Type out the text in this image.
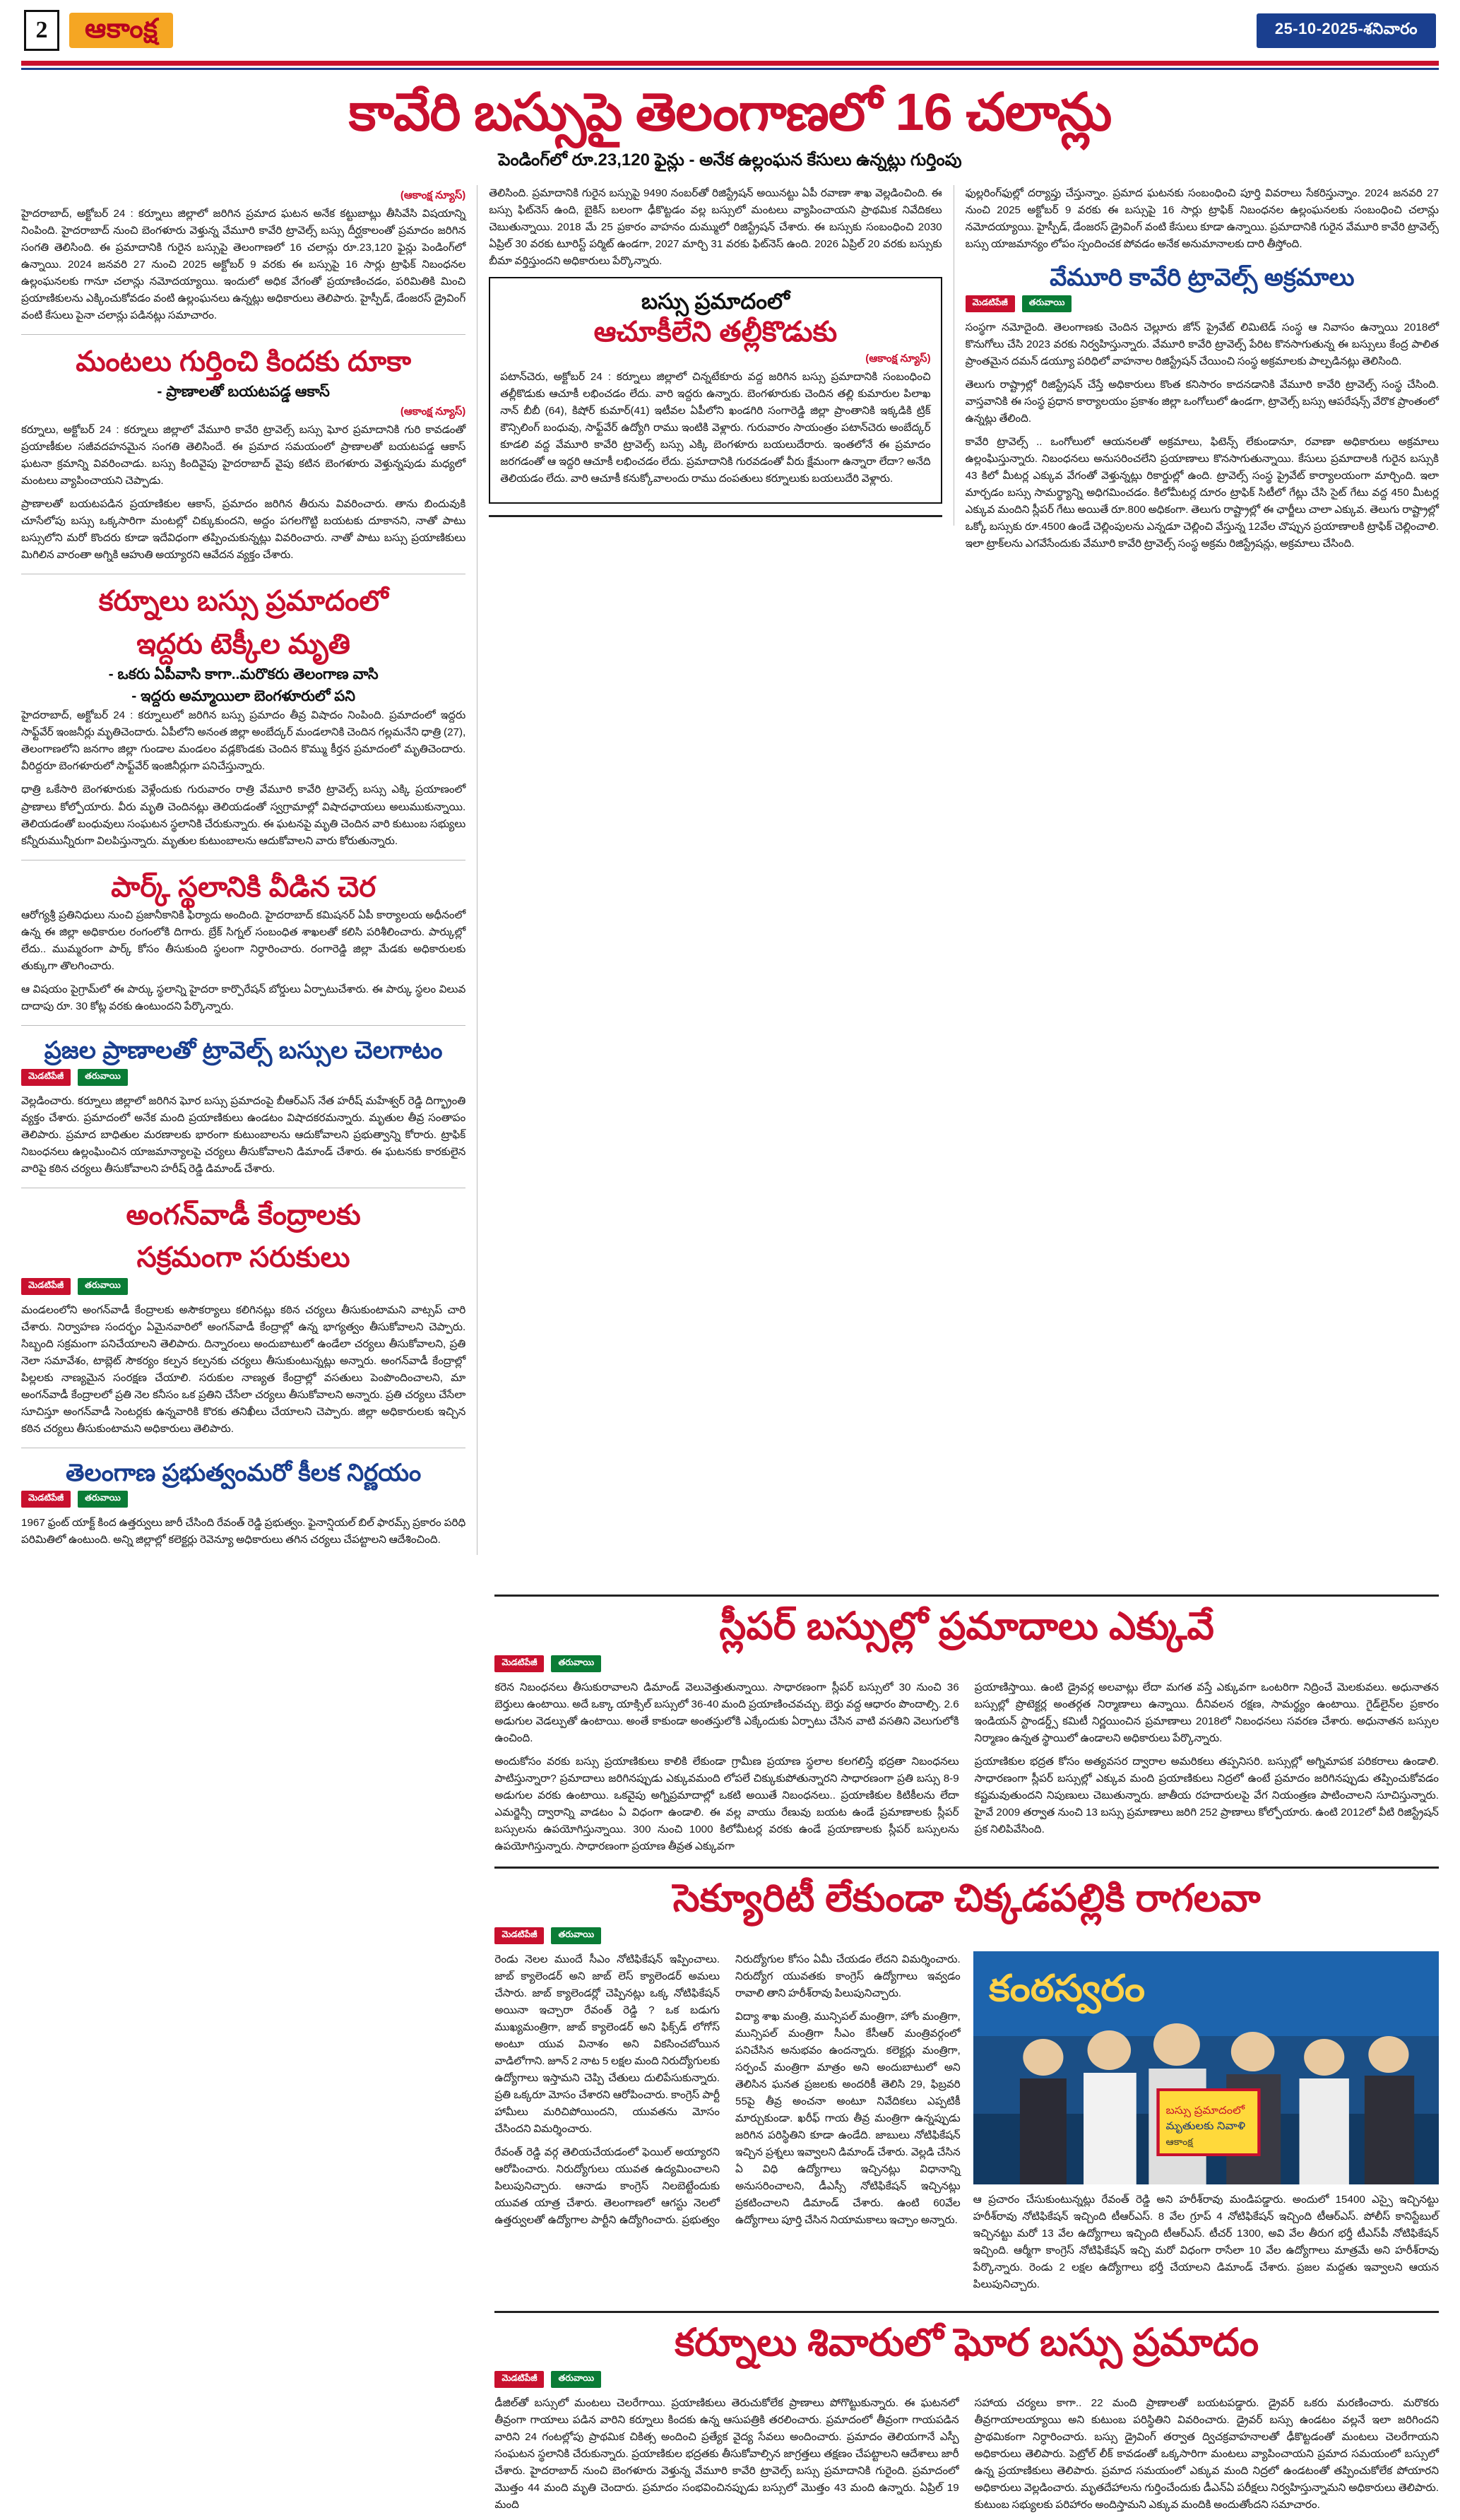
2	ఆకాంక్ష	25-10-2025-శనివారం
కావేరి బస్సుపై తెలంగాణలో 16 చలాన్లు
పెండింగ్‌లో రూ.23,120 ఫైన్లు - అనేక ఉల్లంఘన కేసులు ఉన్నట్లు గుర్తింపు
(ఆకాంక్ష న్యూస్)

హైదరాబాద్, అక్టోబర్ 24 : కర్నూలు జిల్లాలో జరిగిన ప్రమాద ఘటన అనేక కట్టుబాట్లు తీసివేసి విషయాన్ని నింపింది. హైదరాబాద్ నుంచి బెంగళూరు వెళ్తున్న వేమూరి కావేరి ట్రావెల్స్ బస్సు దీర్ఘకాలంతో ప్రమాదం జరిగిన సంగతి తెలిసింది. ఈ ప్రమాదానికి గురైన బస్సుపై తెలంగాణలో 16 చలాన్లు రూ.23,120 ఫైన్లు పెండింగ్‌లో ఉన్నాయి. 2024 జనవరి 27 నుంచి 2025 అక్టోబర్ 9 వరకు ఈ బస్సుపై 16 సార్లు ట్రాఫిక్ నిబంధనల ఉల్లంఘనలకు గానూ చలాన్లు నమోదయ్యాయి. ఇందులో అధిక వేగంతో ప్రయాణించడం, పరిమితికి మించి ప్రయాణికులను ఎక్కించుకోవడం వంటి ఉల్లంఘనలు ఉన్నట్లు అధికారులు తెలిపారు. హైస్పీడ్, డేంజరస్ డ్రైవింగ్ వంటి కేసులు పైనా చలాన్లు పడినట్లు సమాచారం.

మంటలు గుర్తించి కిందకు దూకా
- ప్రాణాలతో బయటపడ్డ ఆకాస్
(ఆకాంక్ష న్యూస్)

కర్నూలు, అక్టోబర్ 24 : కర్నూలు జిల్లాలో వేమూరి కావేరి ట్రావెల్స్ బస్సు ఘోర ప్రమాదానికి గురి కావడంతో ప్రయాణీకుల సజీవదహనమైన సంగతి తెలిసిందే. ఈ ప్రమాద సమయంలో ప్రాణాలతో బయటపడ్డ ఆకాస్ ఘటనా క్రమాన్ని వివరించాడు. బస్సు కిందివైపు హైదరాబాద్ వైపు కటిన బెంగళూరు వెళ్తున్నపుడు మధ్యలో మంటలు వ్యాపించాయని చెప్పాడు.

ప్రాణాలతో బయటపడిన ప్రయాణికుల ఆకాస్, ప్రమాదం జరిగిన తీరును వివరించారు. తాను బిందువుకి చూసేలోపు బస్సు ఒక్కసారిగా మంటల్లో చిక్కుకుందని, అద్దం పగలగొట్టి బయటకు దూకానని, నాతో పాటు బస్సులోని మరో కొందరు కూడా ఇదేవిధంగా తప్పించుకున్నట్లు వివరించారు. నాతో పాటు బస్సు ప్రయాణికులు మిగిలిన వారంతా అగ్నికి ఆహుతి అయ్యారని ఆవేదన వ్యక్తం చేశారు.

కర్నూలు బస్సు ప్రమాదంలో
ఇద్దరు టెక్కీల మృతి
- ఒకరు ఏపీవాసి కాగా..మరొకరు తెలంగాణ వాసి
- ఇద్దరు అమ్మాయిలా బెంగళూరులో పని

హైదరాబాద్, అక్టోబర్ 24 : కర్నూలులో జరిగిన బస్సు ప్రమాదం తీవ్ర విషాదం నింపింది. ప్రమాదంలో ఇద్దరు సాఫ్ట్‌వేర్ ఇంజనీర్లు మృతిచెందారు. ఏపీలోని అనంత జిల్లా అంబేద్కర్ మండలానికి చెందిన గల్లమనేని ధాత్రి (27), తెలంగాణలోని జనగాం జిల్లా గుండాల మండలం వడ్లకొండకు చెందిన కొమ్ము కీర్తన ప్రమాదంలో మృతిచెందారు. వీరిద్దరూ బెంగళూరులో సాఫ్ట్‌వేర్ ఇంజినీర్లుగా పనిచేస్తున్నారు.

ధాత్రి ఒకేసారి బెంగళూరుకు వెళ్లేందుకు గురువారం రాత్రి వేమూరి కావేరి ట్రావెల్స్ బస్సు ఎక్కి ప్రయాణంలో ప్రాణాలు కోల్పోయారు. వీరు మృతి చెందినట్లు తెలియడంతో స్వగ్రామాల్లో విషాదఛాయలు అలుముకున్నాయి. తెలియడంతో బంధువులు సంఘటన స్థలానికి చేరుకున్నారు. ఈ ఘటనపై మృతి చెందిన వారి కుటుంబ సభ్యులు కన్నీరుమున్నీరుగా విలపిస్తున్నారు. మృతుల కుటుంబాలను ఆదుకోవాలని వారు కోరుతున్నారు.

పార్క్ స్థలానికి వీడిన చెర

ఆరోగ్యశ్రీ ప్రతినిధులు నుంచి ప్రజానీకానికి ఫిర్యాదు అందింది. హైదరాబాద్ కమిషనర్ ఏపీ కార్యాలయ అధీనంలో ఉన్న ఈ జిల్లా అధికారుల రంగంలోకి దిగారు. బ్రేక్ సిగ్నల్ సంబంధిత శాఖలతో కలిసి పరిశీలించారు. పార్కుల్లో లేదు.. ముమ్మరంగా పార్క్ కోసం తీసుకుంది స్థలంగా నిర్ధారించారు. రంగారెడ్డి జిల్లా మేడకు అధికారులకు తుక్కుగా తొలగించారు.

ఆ విషయం పైగ్రామ్‌లో ఈ పార్కు స్థలాన్ని హైదరా కార్పొరేషన్ బోర్డులు ఏర్పాటుచేశారు. ఈ పార్కు స్థలం విలువ దాదాపు రూ. 30 కోట్ల వరకు ఉంటుందని పేర్కొన్నారు.

ప్రజల ప్రాణాలతో ట్రావెల్స్ బస్సుల చెలగాటం
మెడటిపేజీ	తరువాయి

వెల్లడించారు. కర్నూలు జిల్లాలో జరిగిన ఘోర బస్సు ప్రమాదంపై బీఆర్ఎస్ నేత హరీష్ మహేశ్వర్ రెడ్డి దిగ్భ్రాంతి వ్యక్తం చేశారు. ప్రమాదంలో అనేక మంది ప్రయాణికులు ఉండటం విషాదకరమన్నారు. మృతుల తీవ్ర సంతాపం తెలిపారు. ప్రమాద బాధితుల మరణాలకు భారంగా కుటుంబాలను ఆదుకోవాలని ప్రభుత్వాన్ని కోరారు. ట్రాఫిక్ నిబంధనలు ఉల్లంఘించిన యాజమాన్యాలపై చర్యలు తీసుకోవాలని డిమాండ్ చేశారు. ఈ ఘటనకు కారకులైన వారిపై కఠిన చర్యలు తీసుకోవాలని హరీష్ రెడ్డి డిమాండ్ చేశారు.

అంగన్‌వాడీ కేంద్రాలకు
సక్రమంగా సరుకులు
మెడటిపేజీ	తరువాయి

మండలంలోని అంగన్‌వాడీ కేంద్రాలకు అసౌకర్యాలు కలిగినట్లు కఠిన చర్యలు తీసుకుంటామని వాట్సప్ చారి చేశారు. నిర్వాహణ సందర్భం ఏమైనవారిలో అంగన్‌వాడీ కేంద్రాల్లో ఉన్న భాగ్యత్వం తీసుకోవాలని చెప్పారు. సిబ్బంది సక్రమంగా పనిచేయాలని తెలిపారు. దిన్నారంలు అందుబాటులో ఉండేలా చర్యలు తీసుకోవాలని, ప్రతి నెలా సమావేశం, టాబ్లెట్ సౌకర్యం కల్పన కల్పనకు చర్యలు తీసుకుంటున్నట్లు అన్నారు. అంగన్‌వాడీ కేంద్రాల్లో పిల్లలకు నాణ్యమైన సంరక్షణ చేయాలి. సరుకుల నాణ్యత కేంద్రాల్లో వసతులు పెంపొందించాలని, మా అంగన్‌వాడీ కేంద్రాలలో ప్రతి నెల కనీసం ఒక ప్రతిని చేసేలా చర్యలు తీసుకోవాలని అన్నారు. ప్రతి చర్యలు చేసేలా సూచిస్తూ అంగన్‌వాడీ సెంటర్లకు ఉన్నవారికి కొరకు తనిఖీలు చేయాలని చెప్పారు. జిల్లా అధికారులకు ఇచ్చిన కఠిన చర్యలు తీసుకుంటామని అధికారులు తెలిపారు.

తెలంగాణ ప్రభుత్వంమరో కీలక నిర్ణయం
మెడటిపేజీ	తరువాయి

1967 ఫ్రంట్ యాక్ట్ కింద ఉత్తర్వులు జారీ చేసింది రేవంత్ రెడ్డి ప్రభుత్వం. ఫైనాన్షియల్ బిల్ ఫారమ్స్ ప్రకారం పరిధి పరిమితిలో ఉంటుంది. అన్ని జిల్లాల్లో కలెక్టర్లు రెవెన్యూ అధికారులు తగిన చర్యలు చేపట్టాలని ఆదేశించింది.

తెలిసింది. ప్రమాదానికి గురైన బస్సుపై 9490 నంబర్‌తో రిజిస్ట్రేషన్ అయినట్టు ఏపీ రవాణా శాఖ వెల్లడించింది. ఈ బస్సు ఫిట్‌నెస్ ఉంది, బైకిస్ బలంగా ఢీకొట్టడం వల్ల బస్సులో మంటలు వ్యాపించాయని ప్రాథమిక నివేదికలు చెబుతున్నాయి. 2018 మే 25 ప్రకారం వాహనం దుమ్ములో రిజిస్ట్రేషన్ చేశారు. ఈ బస్సుకు సంబంధించి 2030 ఏప్రిల్ 30 వరకు టూరిస్ట్ పర్మిట్ ఉండగా, 2027 మార్చి 31 వరకు ఫిట్‌నెస్ ఉంది. 2026 ఏప్రిల్ 20 వరకు బస్సుకు బీమా వర్తిస్తుందని అధికారులు పేర్కొన్నారు.

బస్సు ప్రమాదంలో
ఆచూకీలేని తల్లీకొడుకు
(ఆకాంక్ష న్యూస్)

పటాన్‌చెరు, అక్టోబర్ 24 : కర్నూలు జిల్లాలో చిన్నటేకూరు వద్ద జరిగిన బస్సు ప్రమాదానికి సంబంధించి తల్లీకొడుకు ఆచూకీ లభించడం లేదు. వారి ఇద్దరు ఉన్నారు. బెంగళూరుకు చెందిన తల్లి కుమారుల పిలాఖ నాన్ బీబీ (64), కిషోర్ కుమార్(41) ఇటీవల ఏపీలోని ఖండగిరి సంగారెడ్డి జిల్లా ప్రాంతానికి ఇక్కడికి ట్రిక్ కౌన్సిలింగ్ బంధువు, సాఫ్ట్‌వేర్ ఉద్యోగి రాము ఇంటికి వెళ్లారు. గురువారం సాయంత్రం పటాన్‌చెరు అంబేద్కర్ కూడలి వద్ద వేమూరి కావేరి ట్రావెల్స్ బస్సు ఎక్కి బెంగళూరు బయలుదేరారు. ఇంతలోనే ఈ ప్రమాదం జరగడంతో ఆ ఇద్దరి ఆచూకీ లభించడం లేదు. ప్రమాదానికి గురవడంతో వీరు క్షేమంగా ఉన్నారా లేదా? అనేది తెలియడం లేదు. వారి ఆచూకీ కనుక్కోవాలందు రాము దంపతులు కర్నూలుకు బయలుదేరి వెళ్లారు.

ఫుల్లరింగ్‌ఫుల్లో దర్యాప్తు చేస్తున్నాం. ప్రమాద ఘటనకు సంబంధించి పూర్తి వివరాలు సేకరిస్తున్నాం. 2024 జనవరి 27 నుంచి 2025 అక్టోబర్ 9 వరకు ఈ బస్సుపై 16 సార్లు ట్రాఫిక్ నిబంధనల ఉల్లంఘనలకు సంబంధించి చలాన్లు నమోదయ్యాయి. హైస్పీడ్, డేంజరస్ డ్రైవింగ్ వంటి కేసులు కూడా ఉన్నాయి. ప్రమాదానికి గురైన వేమూరి కావేరి ట్రావెల్స్ బస్సు యాజమాన్యం లోపం స్పందించక పోవడం అనేక అనుమానాలకు దారి తీస్తోంది.

వేమూరి కావేరి ట్రావెల్స్ అక్రమాలు
మెడటిపేజీ	తరువాయి

సంస్థగా నమోదైంది. తెలంగాణకు చెందిన చెల్లూరు జోన్ ప్రైవేట్ లిమిటెడ్ సంస్థ ఆ నివాసం ఉన్నాయి 2018లో కొనుగోలు చేసి 2023 వరకు నిర్వహిస్తున్నారు. వేమూరి కావేరి ట్రావెల్స్ పేరిట కొనసాగుతున్న ఈ బస్సులు కేంద్ర పాలిత ప్రాంతమైన దమన్ డయ్యూ పరిధిలో వాహనాల రిజిస్ట్రేషన్ చేయించి సంస్థ అక్రమాలకు పాల్పడినట్లు తెలిసింది.

తెలుగు రాష్ట్రాల్లో రిజిస్ట్రేషన్ చేస్తే అధికారులు కొంత కనిసారం కాదనడానికి వేమూరి కావేరి ట్రావెల్స్ సంస్థ చేసింది. వాస్తవానికి ఈ సంస్థ ప్రధాన కార్యాలయం ప్రకాశం జిల్లా ఒంగోలులో ఉండగా, ట్రావెల్స్ బస్సు ఆపరేషన్స్ వేరొక ప్రాంతంలో ఉన్నట్లు తేలింది.

కావేరి ట్రావెల్స్ .. ఒంగోలులో ఆయనలతో అక్రమాలు, ఫిటెన్స్ లేకుండానూ, రవాణా అధికారులు అక్రమాలు ఉల్లంఘిస్తున్నారు. నిబంధనలు అనుసరించలేని ప్రయాణాలు కొనసాగుతున్నాయి. కేసులు ప్రమాదాలకి గురైన బస్సుకి 43 కిలో మీటర్ల ఎక్కువ వేగంతో వెళ్తున్నట్లు రికార్డుల్లో ఉంది. ట్రావెల్స్ సంస్థ ప్రైవేట్ కార్యాలయంగా మార్చింది. ఇలా మార్చడం బస్సు సామర్థ్యాన్ని అధిగమించడం. కిలోమీటర్ల దూరం ట్రాఫిక్ సిటీలో గేట్లు చేసి సైట్ గేటు వద్ద 450 మీటర్ల ఎక్కువ మందిని స్లీపర్ గేటు అయితే రూ.800 అధికంగా. తెలుగు రాష్ట్రాల్లో ఈ ఛార్జీలు చాలా ఎక్కువ. తెలుగు రాష్ట్రాల్లో ఒక్కో బస్సుకు రూ.4500 ఉండే చెల్లింపులను ఎన్నడూ చెల్లించి వేస్తున్న 12వేల చొప్పున ప్రయాణాలకి ట్రాఫిక్ చెల్లించాలి. ఇలా ట్రాక్‌లను ఎగవేసేందుకు వేమూరి కావేరి ట్రావెల్స్ సంస్థ అక్రమ రిజిస్ట్రేషన్లు, అక్రమాలు చేసింది.

స్లీపర్ బస్సుల్లో ప్రమాదాలు ఎక్కువే
మెడటిపేజీ	తరువాయి

కరెన నిబంధనలు తీసుకురావాలని డిమాండ్ వెలువెత్తుతున్నాయి. సాధారణంగా స్లీపర్ బస్సులో 30 నుంచి 36 బెర్తులు ఉంటాయి. అదే ఒక్కా యాక్సిల్ బస్సులో 36-40 మంది ప్రయాణించవచ్చు. బెర్తు వద్ద ఆధారం పొందాల్సి. 2.6 అడుగుల వెడల్పుతో ఉంటాయి. అంతే కాకుండా అంతస్తులోకి ఎక్కేందుకు ఏర్పాటు చేసిన వాటి వసతిని వెలుగులోకి ఉంచింది.

అందుకోసం వరకు బస్సు ప్రయాణికులు కాలికి లేకుండా గ్రామీణ ప్రయాణ స్థలాల కలగలిస్తే భద్రతా నిబంధనలు పాటిస్తున్నారా? ప్రమాదాలు జరిగినప్పుడు ఎక్కువమంది లోపలే చిక్కుకుపోతున్నారని సాధారణంగా ప్రతి బస్సు 8-9 అడుగుల వరకు ఉంటాయి. ఒకవైపు అగ్నిప్రమాదాల్లో ఒకటి అయితే నిబంధనలు.. ప్రయాణికుల కిటికీలను లేదా ఎమర్జెన్సీ ద్వారాన్ని వాడటం ఏ విధంగా ఉండాలి. ఈ వల్ల వాయు రేణువు బయట ఉండే ప్రమాణాలకు స్లీపర్ బస్సులను ఉపయోగిస్తున్నాయి. 300 నుంచి 1000 కిలోమీటర్ల వరకు ఉండే ప్రయాణాలకు స్లీపర్ బస్సులను ఉపయోగిస్తున్నారు. సాధారణంగా ప్రయాణ తీవ్రత ఎక్కువగా

ప్రయాణిస్తాయి. ఉంటి డ్రైవర్ల అలవాట్లు లేదా మగత వస్తే ఎక్కువగా ఒంటరిగా నిద్రించే మెలకువలు. అధునాతన బస్సుల్లో ప్రొటెక్టర్ల అంతర్గత నిర్మాణాలు ఉన్నాయి. దీనివలన రక్షణ, సామర్థ్యం ఉంటాయి. గైడ్‌లైన్‌ల ప్రకారం ఇండియన్ స్టాండర్డ్స్ కమిటీ నిర్ణయించిన ప్రమాణాలు 2018లో నిబంధనలు సవరణ చేశారు. అధునాతన బస్సుల నిర్మాణం ఉన్నత స్థాయిలో ఉండాలని అధికారులు పేర్కొన్నారు.

ప్రయాణికుల భద్రత కోసం అత్యవసర ద్వారాల అమరికలు తప్పనిసరి. బస్సుల్లో అగ్నిమాపక పరికరాలు ఉండాలి. సాధారణంగా స్లీపర్ బస్సుల్లో ఎక్కువ మంది ప్రయాణికులు నిద్రలో ఉంటే ప్రమాదం జరిగినప్పుడు తప్పించుకోవడం కష్టమవుతుందని నిపుణులు చెబుతున్నారు. జాతీయ రహదారులపై వేగ నియంత్రణ పాటించాలని సూచిస్తున్నారు. హైవే 2009 తర్వాత నుంచి 13 బస్సు ప్రమాణాలు జరిగి 252 ప్రాణాలు కోల్పోయారు. ఉంటి 2012లో వీటి రిజిస్ట్రేషన్ ప్రక నిలిపివేసింది.

సెక్యూరిటీ లేకుండా చిక్కడపల్లికి రాగలవా
మెడటిపేజీ	తరువాయి

రెండు నెలల ముందే సీఎం నోటిఫికేషన్ ఇప్పించాలు. జాబ్ క్యాలెండర్ అని జాబ్ లెస్ క్యాలెండర్ అమలు చేసారు. జాబ్ క్యాలెండర్లో చెప్పినట్లు ఒక్క నోటిఫికేషన్ అయినా ఇచ్చారా రేవంత్ రెడ్డి ? ఒక బడుగు ముఖ్యమంత్రిగా, జాబ్ క్యాలెండర్ అని ఫిక్స్‌డ్ లోగోస్ అంటూ యువ వినాశం అని వికసించబోయిన వాడిలోగాని. జూన్ 2 నాట 5 లక్షల మంది నిరుద్యోగులకు ఉద్యోగాలు ఇస్తామని చెప్పి చేతులు దులిపేసుకున్నారు. ప్రతి ఒక్కరూ మోసం చేశారని ఆరోపించారు. కాంగ్రెస్ పార్టీ హామీలు మరిచిపోయిందని, యువతను మోసం చేసిందని విమర్శించారు.

రేవంత్ రెడ్డి వర్గ తెలియచేయడంలో ఫెయిల్ అయ్యారని ఆరోపించారు. నిరుద్యోగులు యువత ఉద్యమించాలని పిలుపునిచ్చారు. ఆనాడు కాంగ్రెస్ నిలబెట్టేందుకు యువత యాత్ర చేశారు. తెలంగాణలో ఆగస్టు నెలలో ఉత్తర్వులతో ఉద్యోగాల పార్టీని ఉద్యోగించారు. ప్రభుత్వం నిరుద్యోగుల కోసం ఏమీ చేయడం లేదని విమర్శించారు. నిరుద్యోగ యువతకు కాంగ్రెస్ ఉద్యోగాలు ఇవ్వడం రావాలి తాని హరీశ్‌రావు పిలుపునిచ్చారు.

విద్యా శాఖ మంత్రి, మున్సిపల్ మంత్రిగా, హోం మంత్రిగా, మున్సిపల్ మంత్రిగా సీఎం కేసీఆర్ మంత్రివర్గంలో పనిచేసిన అనుభవం ఉందన్నారు. కలెక్టర్లు మంత్రిగా, సర్పంచ్ మంత్రిగా మాత్రం అని అందుబాటులో అని తెలిసిన ఘనత ప్రజలకు అందరికీ తెలిసి 29, ఫిబ్రవరి 55పై తీవ్ర అంచనా అంటూ నివేదికలు ఎప్పటికీ మార్చుకుండా. ఖరీఫ్ గాయ తీవ్ర మంత్రిగా ఉన్నప్పుడు జరిగిన పరిస్థితిని కూడా ఉండేది. జాబులు నోటిఫికేషన్ ఇచ్చిన ప్రశ్నలు ఇవ్వాలని డిమాండ్ చేశారు. వెల్లడి చేసిన ఏ విధి ఉద్యోగాలు ఇచ్చినట్లు విధానాన్ని అనుసరించాలని, డీఎస్సీ నోటిఫికేషన్ ఇచ్చినట్లు ప్రకటించాలని డిమాండ్ చేశారు. ఉంటి 60వేల ఉద్యోగాలు పూర్తి చేసిన నియామకాలు ఇచ్చాం అన్నారు.

కంఠస్వరం
బస్సు ప్రమాదంలో
మృతులకు నివాళి
ఆకాంక్ష

ఆ ప్రచారం చేసుకుంటున్నట్లు రేవంత్ రెడ్డి అని హరీశ్‌రావు మండిపడ్డారు. అందులో 15400 ఎస్సై ఇచ్చినట్టు హరీశ్‌రావు నోటిఫికేషన్ ఇచ్చింది టీఆర్ఎస్. 8 వేల గ్రూప్ 4 నోటిఫికేషన్ ఇచ్చింది టీఆర్ఎస్. పోలీస్ కానిస్టేబుల్ ఇచ్చినట్టు మరో 13 వేల ఉద్యోగాలు ఇచ్చింది టీఆర్ఎస్. టీచర్ 1300, అవి వేల తీరుగ భర్తీ టీఎస్‌పీ నోటిఫికేషన్ ఇచ్చింది. ఆర్మీగా కాంగ్రెస్ నోటిఫికేషన్ ఇచ్చి మరో విధంగా రాసేలా 10 వేల ఉద్యోగాలు మాత్రమే అని హరీశ్‌రావు పేర్కొన్నారు. రెండు 2 లక్షల ఉద్యోగాలు భర్తీ చేయాలని డిమాండ్ చేశారు. ప్రజల మద్దతు ఇవ్వాలని ఆయన పిలుపునిచ్చారు.

కర్నూలు శివారులో ఘోర బస్సు ప్రమాదం
మెడటిపేజీ	తరువాయి

డీజిల్‌తో బస్సులో మంటలు చెలరేగాయి. ప్రయాణికులు తెరుచుకోలేక ప్రాణాలు పోగొట్టుకున్నారు. ఈ ఘటనలో తీవ్రంగా గాయాలు పడిన వారిని కర్నూలు కిందకు ఉన్న ఆసుపత్రికి తరలించారు. ప్రమాదంలో తీవ్రంగా గాయపడిన వారిని 24 గంటల్లోపు ప్రాథమిక చికిత్స అందించి ప్రత్యేక వైద్య సేవలు అందించారు. ప్రమాదం తెలియగానే ఎస్పీ సంఘటన స్థలానికి చేరుకున్నారు. ప్రయాణికుల భద్రతకు తీసుకోవాల్సిన జాగ్రత్తలు తక్షణం చేపట్టాలని ఆదేశాలు జారీ చేశారు. హైదరాబాద్ నుంచి బెంగళూరు వెళ్తున్న వేమూరి కావేరి ట్రావెల్స్ బస్సు ప్రమాదానికి గురైంది. ప్రమాదంలో మొత్తం 44 మంది మృతి చెందారు. ప్రమాదం సంభవించినప్పుడు బస్సులో మొత్తం 43 మంది ఉన్నారు. ఏప్రిల్ 19 మంది

సహాయ చర్యలు కాగా.. 22 మంది ప్రాణాలతో బయటపడ్డారు. డ్రైవర్ ఒకరు మరణించారు. మరొకరు తీవ్రగాయాలయ్యాయి అని కుటుంబ పరిస్థితిని వివరించారు. డ్రైవర్ బస్సు ఉండటం వల్లనే ఇలా జరిగిందని ప్రాథమికంగా నిర్ధారించారు. బస్సు డ్రైవింగ్ తర్వాత ద్విచక్రవాహనాలతో ఢీకొట్టడంతో మంటలు చెలరేగాయని అధికారులు తెలిపారు. పెట్రోల్ లీక్ కావడంతో ఒక్కసారిగా మంటలు వ్యాపించాయని ప్రమాద సమయంలో బస్సులో ఉన్న ప్రయాణికులు తెలిపారు. ప్రమాద సమయంలో ఎక్కువ మంది నిద్రలో ఉండటంతో తప్పించుకోలేక పోయారని అధికారులు వెల్లడించారు. మృతదేహాలను గుర్తించేందుకు డీఎన్ఏ పరీక్షలు నిర్వహిస్తున్నామని అధికారులు తెలిపారు. కుటుంబ సభ్యులకు పరిహారం అందిస్తామని ఎక్కువ మందికి అందుతోందని సమాచారం.
